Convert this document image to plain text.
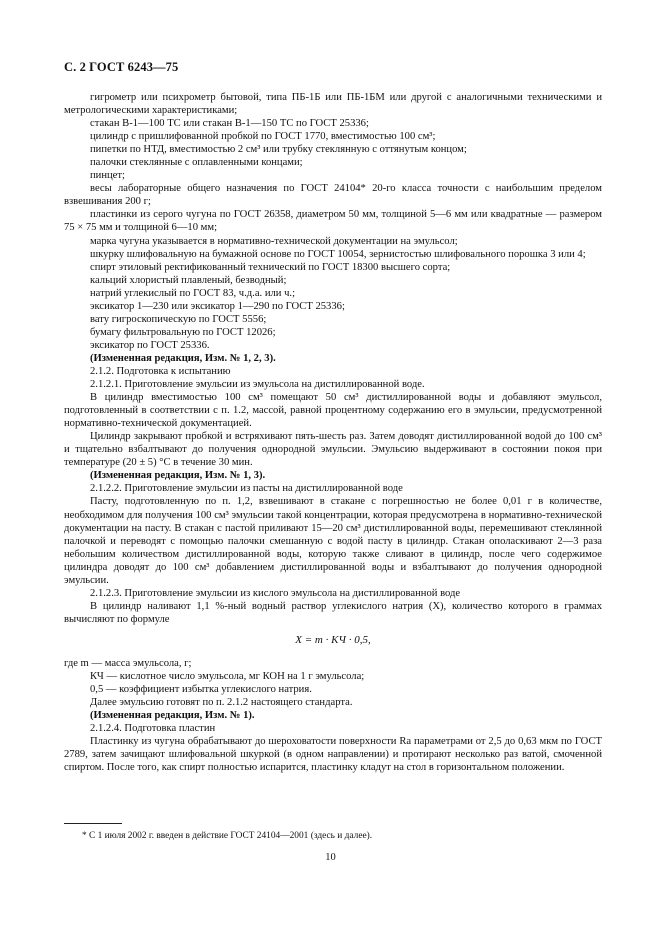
С. 2 ГОСТ 6243—75

гигрометр или психрометр бытовой, типа ПБ-1Б или ПБ-1БМ или другой с аналогичными техническими и метрологическими характеристиками;

стакан В-1—100 ТС или стакан В-1—150 ТС по ГОСТ 25336;

цилиндр с пришлифованной пробкой по ГОСТ 1770, вместимостью 100 см³;

пипетки по НТД, вместимостью 2 см³ или трубку стеклянную с оттянутым концом;

палочки стеклянные с оплавленными концами;

пинцет;

весы лабораторные общего назначения по ГОСТ 24104* 20-го класса точности с наибольшим пределом взвешивания 200 г;

пластинки из серого чугуна по ГОСТ 26358, диаметром 50 мм, толщиной 5—6 мм или квадратные — размером 75 × 75 мм и толщиной 6—10 мм;

марка чугуна указывается в нормативно-технической документации на эмульсол;

шкурку шлифовальную на бумажной основе по ГОСТ 10054, зернистостью шлифовального порошка 3 или 4;

спирт этиловый ректификованный технический по ГОСТ 18300 высшего сорта;

кальций хлористый плавленый, безводный;

натрий углекислый по ГОСТ 83, ч.д.а. или ч.;

эксикатор 1—230 или эксикатор 1—290 по ГОСТ 25336;

вату гигроскопическую по ГОСТ 5556;

бумагу фильтровальную по ГОСТ 12026;

эксикатор по ГОСТ 25336.

(Измененная редакция, Изм. № 1, 2, 3).

2.1.2. Подготовка к испытанию

2.1.2.1. Приготовление эмульсии из эмульсола на дистиллированной воде.

В цилиндр вместимостью 100 см³ помещают 50 см³ дистиллированной воды и добавляют эмульсол, подготовленный в соответствии с п. 1.2, массой, равной процентному содержанию его в эмульсии, предусмотренной нормативно-технической документацией.

Цилиндр закрывают пробкой и встряхивают пять-шесть раз. Затем доводят дистиллированной водой до 100 см³ и тщательно взбалтывают до получения однородной эмульсии. Эмульсию выдерживают в состоянии покоя при температуре (20 ± 5) °С в течение 30 мин.

(Измененная редакция, Изм. № 1, 3).

2.1.2.2. Приготовление эмульсии из пасты на дистиллированной воде

Пасту, подготовленную по п. 1,2, взвешивают в стакане с погрешностью не более 0,01 г в количестве, необходимом для получения 100 см³ эмульсии такой концентрации, которая предусмотрена в нормативно-технической документации на пасту. В стакан с пастой приливают 15—20 см³ дистиллированной воды, перемешивают стеклянной палочкой и переводят с помощью палочки смешанную с водой пасту в цилиндр. Стакан ополаскивают 2—3 раза небольшим количеством дистиллированной воды, которую также сливают в цилиндр, после чего содержимое цилиндра доводят до 100 см³ добавлением дистиллированной воды и взбалтывают до получения однородной эмульсии.

2.1.2.3. Приготовление эмульсии из кислого эмульсола на дистиллированной воде

В цилиндр наливают 1,1 %-ный водный раствор углекислого натрия (X), количество которого в граммах вычисляют по формуле

X = m · КЧ · 0,5,

где m — масса эмульсола, г;

КЧ — кислотное число эмульсола, мг КОН на 1 г эмульсола;

0,5 — коэффициент избытка углекислого натрия.

Далее эмульсию готовят по п. 2.1.2 настоящего стандарта.

(Измененная редакция, Изм. № 1).

2.1.2.4. Подготовка пластин

Пластинку из чугуна обрабатывают до шероховатости поверхности Ra параметрами от 2,5 до 0,63 мкм по ГОСТ 2789, затем зачищают шлифовальной шкуркой (в одном направлении) и протирают несколько раз ватой, смоченной спиртом. После того, как спирт полностью испарится, пластинку кладут на стол в горизонтальном положении.

* С 1 июля 2002 г. введен в действие ГОСТ 24104—2001 (здесь и далее).
10
